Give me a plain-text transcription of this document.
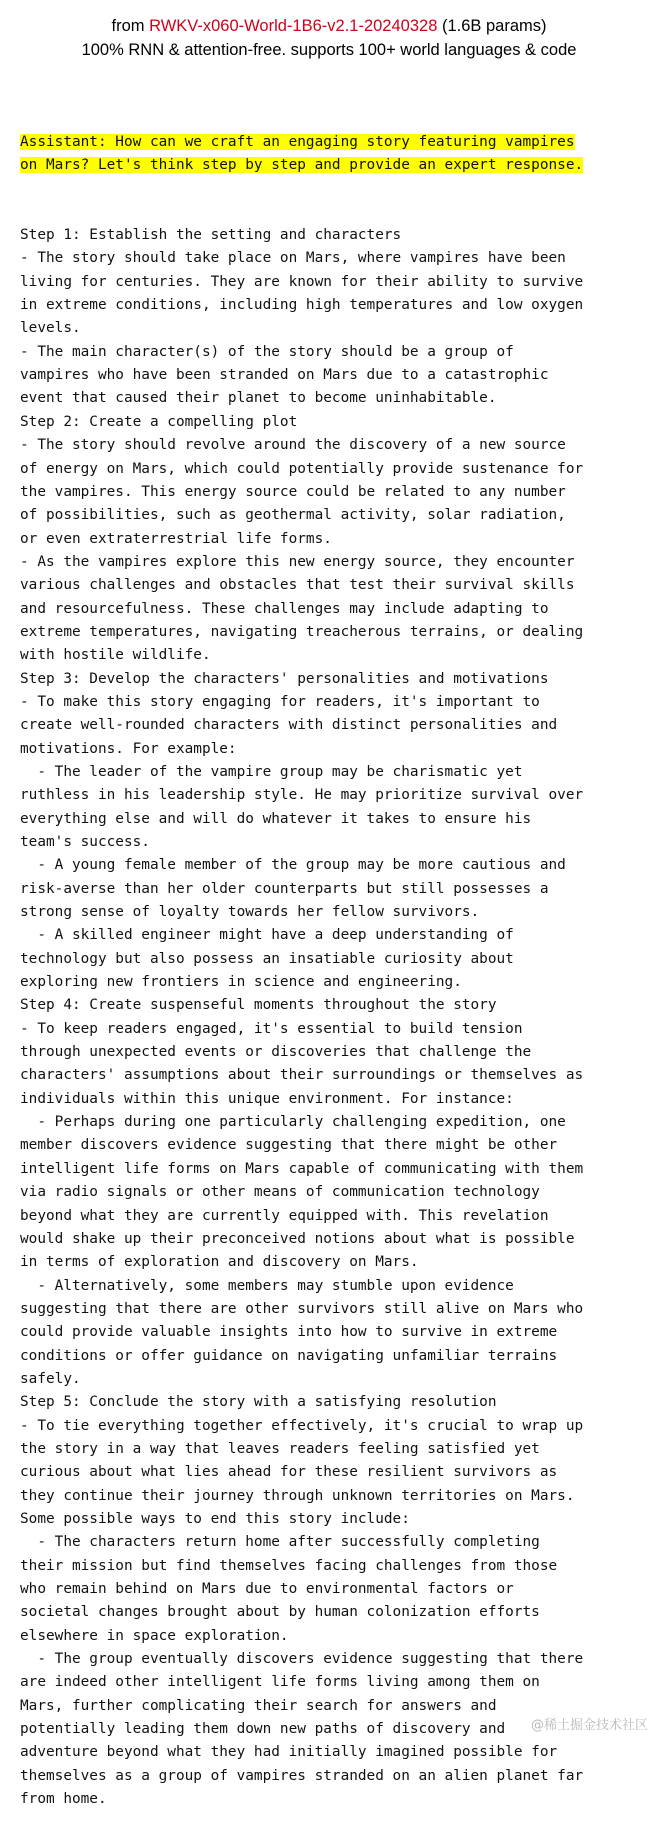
from RWKV-x060-World-1B6-v2.1-20240328 (1.6B params)
100% RNN & attention-free. supports 100+ world languages & code

Assistant: How can we craft an engaging story featuring vampires
on Mars? Let's think step by step and provide an expert response.

Step 1: Establish the setting and characters
- The story should take place on Mars, where vampires have been
living for centuries. They are known for their ability to survive
in extreme conditions, including high temperatures and low oxygen
levels.
- The main character(s) of the story should be a group of
vampires who have been stranded on Mars due to a catastrophic
event that caused their planet to become uninhabitable.
Step 2: Create a compelling plot
- The story should revolve around the discovery of a new source
of energy on Mars, which could potentially provide sustenance for
the vampires. This energy source could be related to any number
of possibilities, such as geothermal activity, solar radiation,
or even extraterrestrial life forms.
- As the vampires explore this new energy source, they encounter
various challenges and obstacles that test their survival skills
and resourcefulness. These challenges may include adapting to
extreme temperatures, navigating treacherous terrains, or dealing
with hostile wildlife.
Step 3: Develop the characters' personalities and motivations
- To make this story engaging for readers, it's important to
create well-rounded characters with distinct personalities and
motivations. For example:
- The leader of the vampire group may be charismatic yet
ruthless in his leadership style. He may prioritize survival over
everything else and will do whatever it takes to ensure his
team's success.
- A young female member of the group may be more cautious and
risk-averse than her older counterparts but still possesses a
strong sense of loyalty towards her fellow survivors.
- A skilled engineer might have a deep understanding of
technology but also possess an insatiable curiosity about
exploring new frontiers in science and engineering.
Step 4: Create suspenseful moments throughout the story
- To keep readers engaged, it's essential to build tension
through unexpected events or discoveries that challenge the
characters' assumptions about their surroundings or themselves as
individuals within this unique environment. For instance:
- Perhaps during one particularly challenging expedition, one
member discovers evidence suggesting that there might be other
intelligent life forms on Mars capable of communicating with them
via radio signals or other means of communication technology
beyond what they are currently equipped with. This revelation
would shake up their preconceived notions about what is possible
in terms of exploration and discovery on Mars.
- Alternatively, some members may stumble upon evidence
suggesting that there are other survivors still alive on Mars who
could provide valuable insights into how to survive in extreme
conditions or offer guidance on navigating unfamiliar terrains
safely.
Step 5: Conclude the story with a satisfying resolution
- To tie everything together effectively, it's crucial to wrap up
the story in a way that leaves readers feeling satisfied yet
curious about what lies ahead for these resilient survivors as
they continue their journey through unknown territories on Mars.
Some possible ways to end this story include:
- The characters return home after successfully completing
their mission but find themselves facing challenges from those
who remain behind on Mars due to environmental factors or
societal changes brought about by human colonization efforts
elsewhere in space exploration.
- The group eventually discovers evidence suggesting that there
are indeed other intelligent life forms living among them on
Mars, further complicating their search for answers and
potentially leading them down new paths of discovery and
adventure beyond what they had initially imagined possible for
themselves as a group of vampires stranded on an alien planet far
from home.

@稀土掘金技术社区
